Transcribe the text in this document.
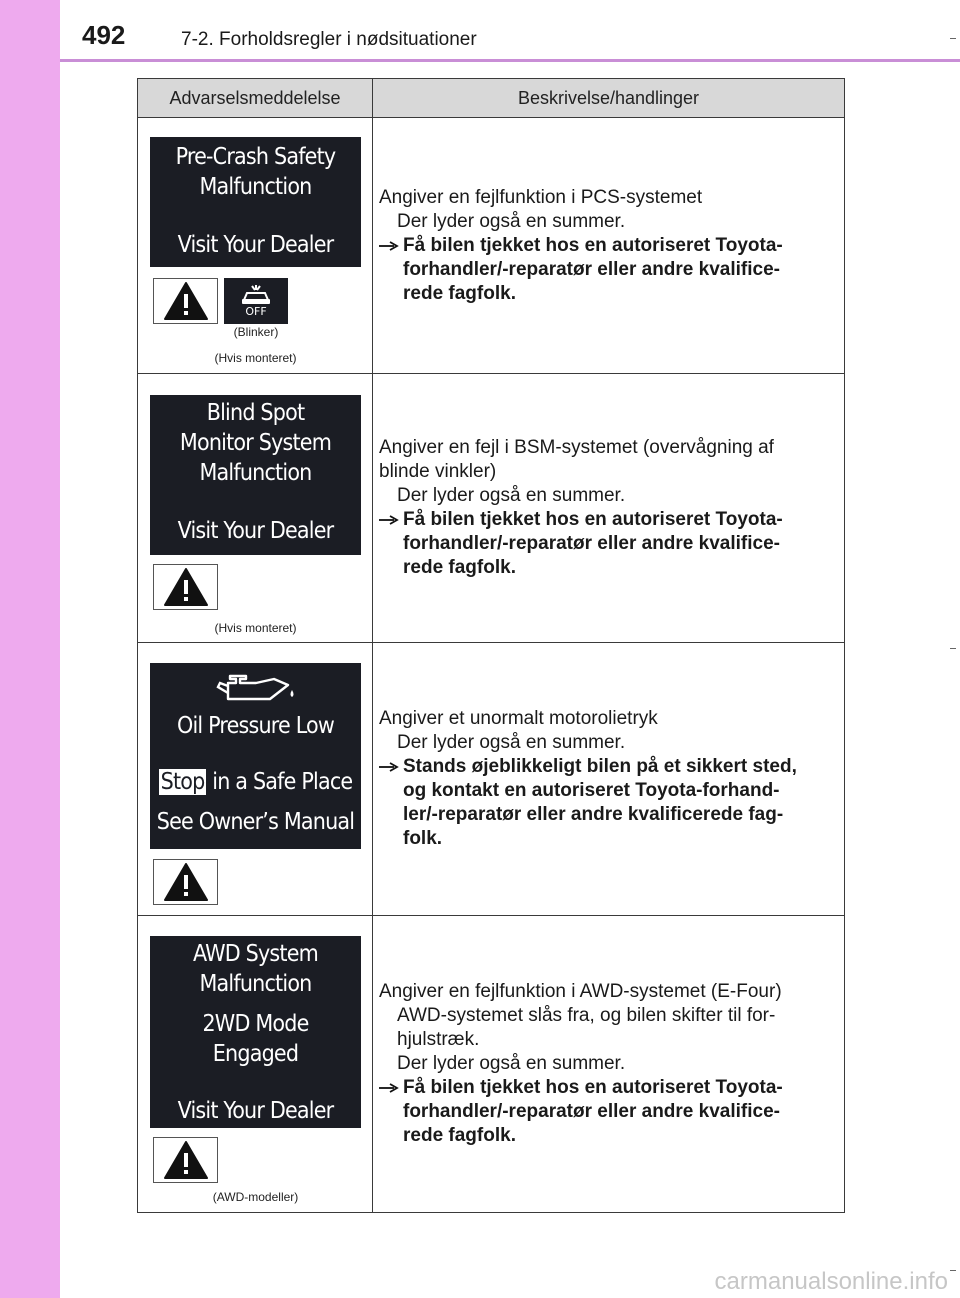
492	7-2. Forholdsregler i nødsituationer
Advarselsmeddelelse	Beskrivelse/handlinger
Pre-Crash Safety
Malfunction
Visit Your Dealer
OFF
(Blinker)
(Hvis monteret)
Angiver en fejlfunktion i PCS-systemet
Der lyder også en summer.
Få bilen tjekket hos en autoriseret Toyota-
forhandler/-reparatør eller andre kvalifice-
rede fagfolk.
Blind Spot
Monitor System
Malfunction
Visit Your Dealer
(Hvis monteret)
Angiver en fejl i BSM-systemet (overvågning af
blinde vinkler)
Der lyder også en summer.
Få bilen tjekket hos en autoriseret Toyota-
forhandler/-reparatør eller andre kvalifice-
rede fagfolk.
Oil Pressure Low
Stop in a Safe Place
See Owner’s Manual
Angiver et unormalt motorolietryk
Der lyder også en summer.
Stands øjeblikkeligt bilen på et sikkert sted,
og kontakt en autoriseret Toyota-forhand-
ler/-reparatør eller andre kvalificerede fag-
folk.
AWD System
Malfunction
2WD Mode
Engaged
Visit Your Dealer
(AWD-modeller)
Angiver en fejlfunktion i AWD-systemet (E-Four)
AWD-systemet slås fra, og bilen skifter til for-
hjulstræk.
Der lyder også en summer.
Få bilen tjekket hos en autoriseret Toyota-
forhandler/-reparatør eller andre kvalifice-
rede fagfolk.
carmanualsonline.info
